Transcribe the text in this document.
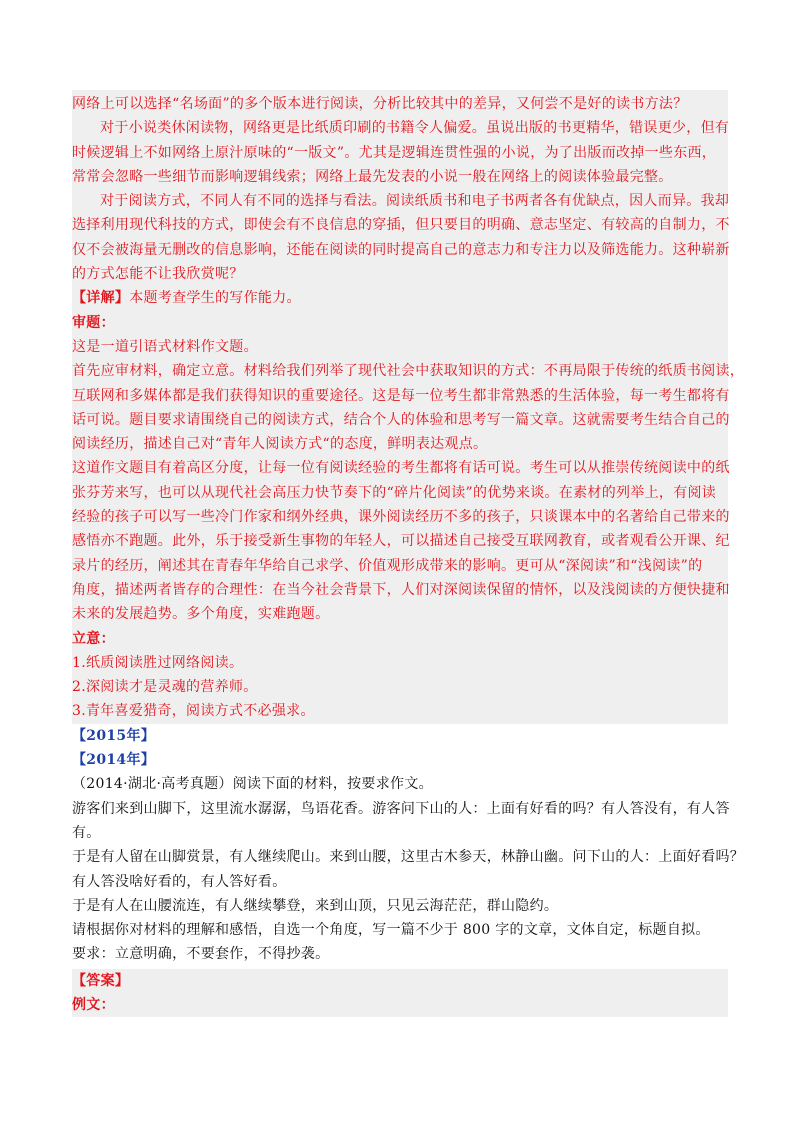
网络上可以选择“名场面”的多个版本进行阅读，分析比较其中的差异，又何尝不是好的读书方法？
对于小说类休闲读物，网络更是比纸质印刷的书籍令人偏爱。虽说出版的书更精华，错误更少，但有
时候逻辑上不如网络上原汁原味的“一版文”。尤其是逻辑连贯性强的小说，为了出版而改掉一些东西，
常常会忽略一些细节而影响逻辑线索；网络上最先发表的小说一般在网络上的阅读体验最完整。
对于阅读方式，不同人有不同的选择与看法。阅读纸质书和电子书两者各有优缺点，因人而异。我却
选择利用现代科技的方式，即使会有不良信息的穿插，但只要目的明确、意志坚定、有较高的自制力，不
仅不会被海量无删改的信息影响，还能在阅读的同时提高自己的意志力和专注力以及筛选能力。这种崭新
的方式怎能不让我欣赏呢？
【详解】本题考查学生的写作能力。
审题：
这是一道引语式材料作文题。
首先应审材料，确定立意。材料给我们列举了现代社会中获取知识的方式：不再局限于传统的纸质书阅读，
互联网和多媒体都是我们获得知识的重要途径。这是每一位考生都非常熟悉的生活体验，每一考生都将有
话可说。题目要求请围绕自己的阅读方式，结合个人的体验和思考写一篇文章。这就需要考生结合自己的
阅读经历，描述自己对“青年人阅读方式“的态度，鲜明表达观点。
这道作文题目有着高区分度，让每一位有阅读经验的考生都将有话可说。考生可以从推崇传统阅读中的纸
张芬芳来写，也可以从现代社会高压力快节奏下的“碎片化阅读”的优势来谈。在素材的列举上，有阅读
经验的孩子可以写一些冷门作家和纲外经典，课外阅读经历不多的孩子，只谈课本中的名著给自己带来的
感悟亦不跑题。此外，乐于接受新生事物的年轻人，可以描述自己接受互联网教育，或者观看公开课、纪
录片的经历，阐述其在青春年华给自己求学、价值观形成带来的影响。更可从“深阅读”和“浅阅读”的
角度，描述两者皆存的合理性：在当今社会背景下，人们对深阅读保留的情怀，以及浅阅读的方便快捷和
未来的发展趋势。多个角度，实难跑题。
立意：
1.纸质阅读胜过网络阅读。
2.深阅读才是灵魂的营养师。
3.青年喜爱猎奇，阅读方式不必强求。
【2015年】
【2014年】
（2014·湖北·高考真题）阅读下面的材料，按要求作文。
游客们来到山脚下，这里流水潺潺，鸟语花香。游客问下山的人：上面有好看的吗？有人答没有，有人答
有。
于是有人留在山脚赏景，有人继续爬山。来到山腰，这里古木参天，林静山幽。问下山的人：上面好看吗？
有人答没啥好看的，有人答好看。
于是有人在山腰流连，有人继续攀登，来到山顶，只见云海茫茫，群山隐约。
请根据你对材料的理解和感悟，自选一个角度，写一篇不少于 800 字的文章，文体自定，标题自拟。
要求：立意明确，不要套作，不得抄袭。
【答案】
例文：
